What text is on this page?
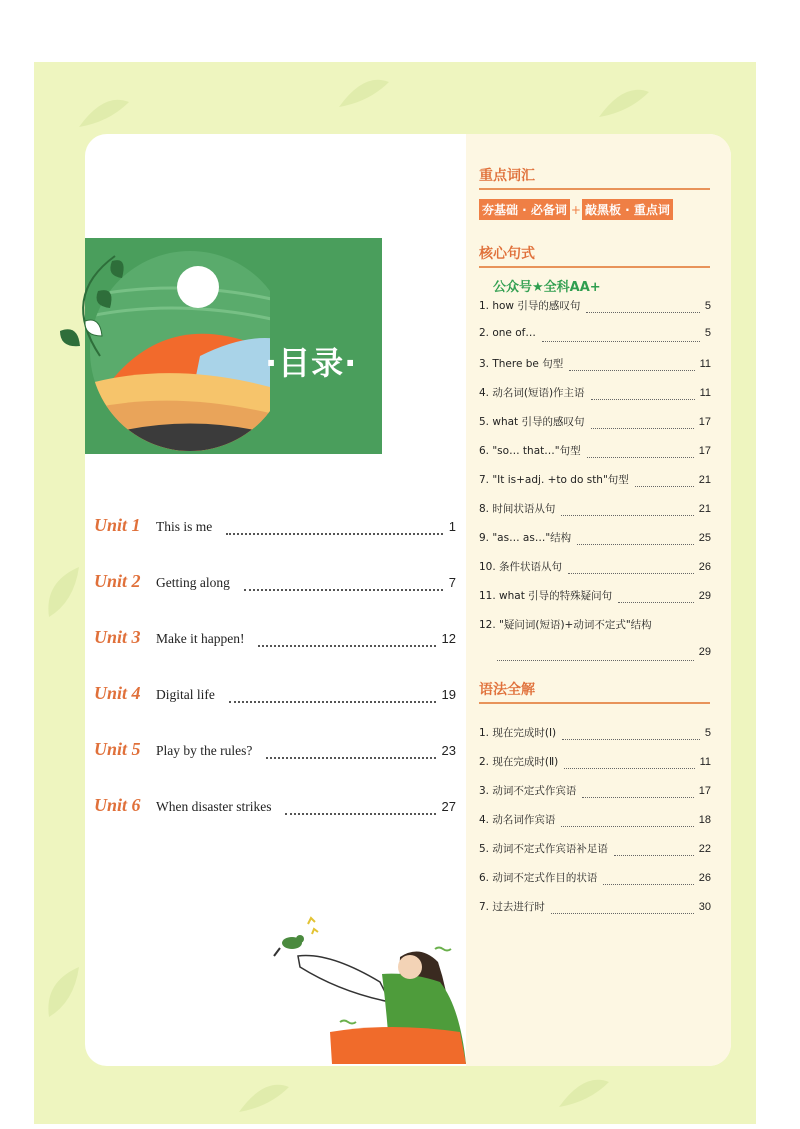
·目录·
Unit 1	This is me	1
Unit 2	Getting along	7
Unit 3	Make it happen!	12
Unit 4	Digital life	19
Unit 5	Play by the rules?	23
Unit 6	When disaster strikes	27
重点词汇
夯基础 · 必备词 + 敲黑板 · 重点词
核心句式
公众号★全科AA+
1. how 引导的感叹句	5
2. one of…	5
3. There be 句型	11
4. 动名词(短语)作主语	11
5. what 引导的感叹句	17
6. "so… that…"句型	17
7. "It is+adj. +to do sth"句型	21
8. 时间状语从句	21
9. "as… as…"结构	25
10. 条件状语从句	26
11. what 引导的特殊疑问句	29
12. "疑问词(短语)+动词不定式"结构
29
语法全解
1. 现在完成时(Ⅰ)	5
2. 现在完成时(Ⅱ)	11
3. 动词不定式作宾语	17
4. 动名词作宾语	18
5. 动词不定式作宾语补足语	22
6. 动词不定式作目的状语	26
7. 过去进行时	30
